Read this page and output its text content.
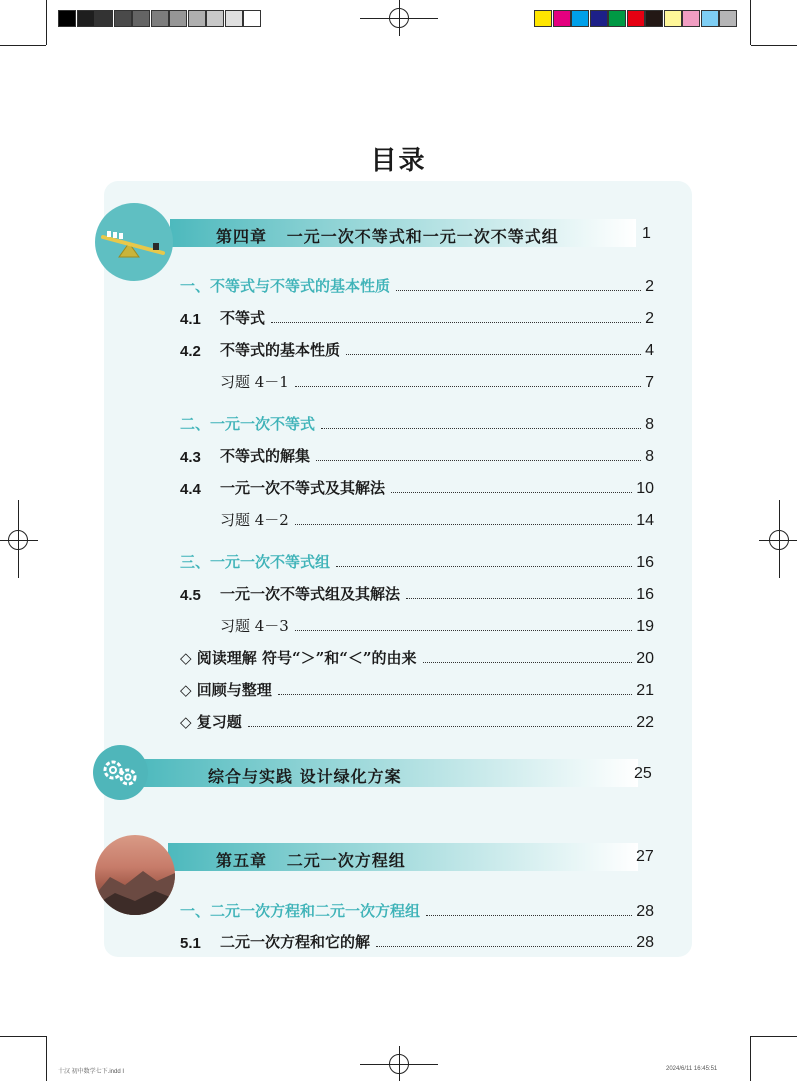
目录
第四章 一元一次不等式和一元一次不等式组	1
一、不等式与不等式的基本性质	2
4.1	不等式	2
4.2	不等式的基本性质	4
习题 4－1	7
二、一元一次不等式	8
4.3	不等式的解集	8
4.4	一元一次不等式及其解法	10
习题 4－2	14
三、一元一次不等式组	16
4.5	一元一次不等式组及其解法	16
习题 4－3	19
◇ 阅读理解 符号“＞”和“＜”的由来	20
◇ 回顾与整理	21
◇ 复习题	22
综合与实践 设计绿化方案	25
第五章 二元一次方程组	27
一、二元一次方程和二元一次方程组	28
5.1	二元一次方程和它的解	28
十汉 初中数学七下.indd I	2024/6/11 16:45:51
